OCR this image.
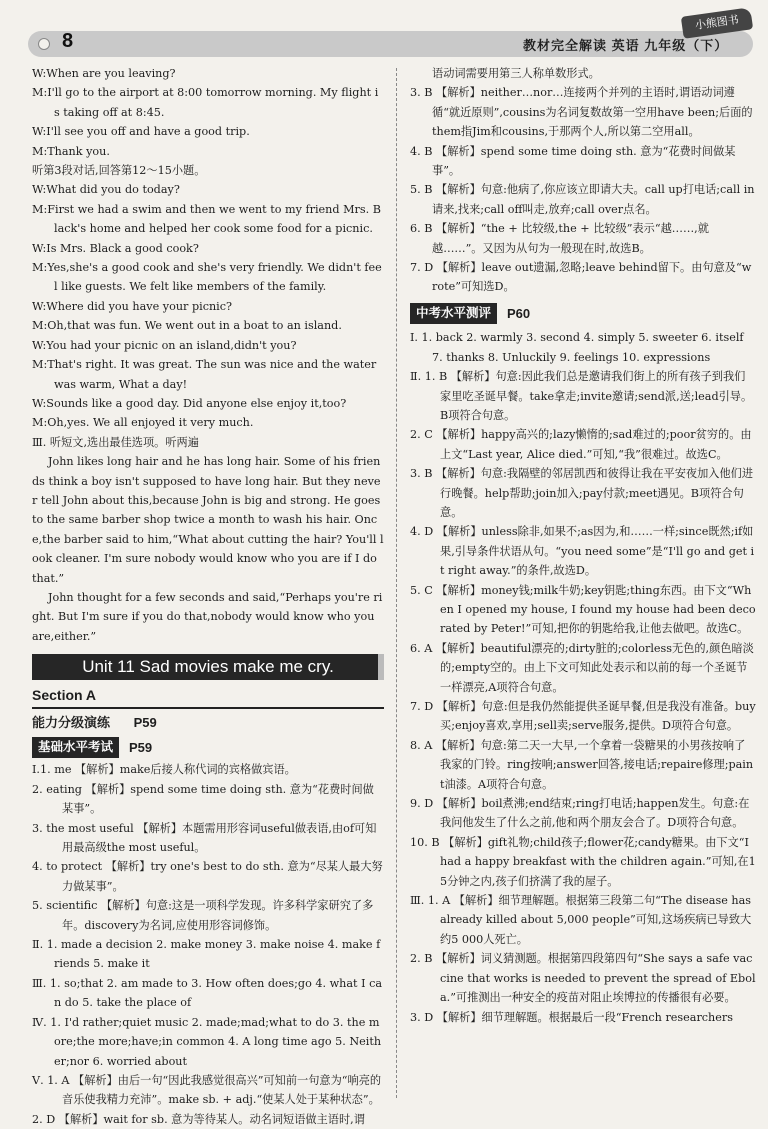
8	教材完全解读 英语 九年级（下）
小熊图书
W:When are you leaving?
M:I'll go to the airport at 8:00 tomorrow morning. My flight is taking off at 8:45.
W:I'll see you off and have a good trip.
M:Thank you.
听第3段对话,回答第12～15小题。
W:What did you do today?
M:First we had a swim and then we went to my friend Mrs. Black's home and helped her cook some food for a picnic.
W:Is Mrs. Black a good cook?
M:Yes,she's a good cook and she's very friendly. We didn't feel like guests. We felt like members of the family.
W:Where did you have your picnic?
M:Oh,that was fun. We went out in a boat to an island.
W:You had your picnic on an island,didn't you?
M:That's right. It was great. The sun was nice and the water was warm, What a day!
W:Sounds like a good day. Did anyone else enjoy it,too?
M:Oh,yes. We all enjoyed it very much.
Ⅲ. 听短文,选出最佳选项。听两遍
John likes long hair and he has long hair. Some of his friends think a boy isn't supposed to have long hair. But they never tell John about this,because John is big and strong. He goes to the same barber shop twice a month to wash his hair. Once,the barber said to him,“What about cutting the hair? You'll look cleaner. I'm sure nobody would know who you are if I do that.”
John thought for a few seconds and said,“Perhaps you're right. But I'm sure if you do that,nobody would know who you are,either.”
Unit 11 Sad movies make me cry.
Section A
能力分级演练 P59
基础水平考试	P59
Ⅰ.1. me 【解析】make后接人称代词的宾格做宾语。
2. eating 【解析】spend some time doing sth. 意为“花费时间做某事”。
3. the most useful 【解析】本题需用形容词useful做表语,由of可知用最高级the most useful。
4. to protect 【解析】try one's best to do sth. 意为“尽某人最大努力做某事”。
5. scientific 【解析】句意:这是一项科学发现。许多科学家研究了多年。discovery为名词,应使用形容词修饰。
Ⅱ. 1. made a decision 2. make money 3. make noise 4. make friends 5. make it
Ⅲ. 1. so;that 2. am made to 3. How often does;go 4. what I can do 5. take the place of
Ⅳ. 1. I'd rather;quiet music 2. made;mad;what to do 3. the more;the more;have;in common 4. A long time ago 5. Neither;nor 6. worried about
Ⅴ. 1. A 【解析】由后一句“因此我感觉很高兴”可知前一句意为“响亮的音乐使我精力充沛”。make sb. + adj.“使某人处于某种状态”。
2. D 【解析】wait for sb. 意为等待某人。动名词短语做主语时,谓
语动词需要用第三人称单数形式。
3. B 【解析】neither…nor…连接两个并列的主语时,谓语动词遵循“就近原则”,cousins为名词复数故第一空用have been;后面的them指Jim和cousins,于那两个人,所以第二空用all。
4. B 【解析】spend some time doing sth. 意为“花费时间做某事”。
5. B 【解析】句意:他病了,你应该立即请大夫。call up打电话;call in请来,找来;call off叫走,放弃;call over点名。
6. B 【解析】“the + 比较级,the + 比较级”表示“越……,就越……”。又因为从句为一般现在时,故选B。
7. D 【解析】leave out遗漏,忽略;leave behind留下。由句意及“wrote”可知选D。
中考水平测评	P60
Ⅰ. 1. back 2. warmly 3. second 4. simply 5. sweeter 6. itself 7. thanks 8. Unluckily 9. feelings 10. expressions
Ⅱ. 1. B 【解析】句意:因此我们总是邀请我们街上的所有孩子到我们家里吃圣诞早餐。take拿走;invite邀请;send派,送;lead引导。B项符合句意。
2. C 【解析】happy高兴的;lazy懒惰的;sad难过的;poor贫穷的。由上文“Last year, Alice died.”可知,“我”很难过。故选C。
3. B 【解析】句意:我隔壁的邻居凯西和彼得让我在平安夜加入他们进行晚餐。help帮助;join加入;pay付款;meet遇见。B项符合句意。
4. D 【解析】unless除非,如果不;as因为,和……一样;since既然;if如果,引导条件状语从句。“you need some”是“I'll go and get it right away.”的条件,故选D。
5. C 【解析】money钱;milk牛奶;key钥匙;thing东西。由下文“When I opened my house, I found my house had been decorated by Peter!”可知,把你的钥匙给我,让他去做吧。故选C。
6. A 【解析】beautiful漂亮的;dirty脏的;colorless无色的,颜色暗淡的;empty空的。由上下文可知此处表示和以前的每一个圣诞节一样漂亮,A项符合句意。
7. D 【解析】句意:但是我仍然能提供圣诞早餐,但是我没有准备。buy买;enjoy喜欢,享用;sell卖;serve服务,提供。D项符合句意。
8. A 【解析】句意:第二天一大早,一个拿着一袋糖果的小男孩按响了我家的门铃。ring按响;answer回答,接电话;repaire修理;paint油漆。A项符合句意。
9. D 【解析】boil煮沸;end结束;ring打电话;happen发生。句意:在我问他发生了什么之前,他和两个朋友会合了。D项符合句意。
10. B 【解析】gift礼物;child孩子;flower花;candy糖果。由下文“I had a happy breakfast with the children again.”可知,在15分钟之内,孩子们挤满了我的屋子。
Ⅲ. 1. A 【解析】细节理解题。根据第三段第二句“The disease has already killed about 5,000 people”可知,这场疾病已导致大约5 000人死亡。
2. B 【解析】词义猜测题。根据第四段第四句“She says a safe vaccine that works is needed to prevent the spread of Ebola.”可推测出一种安全的疫苗对阻止埃博拉的传播很有必要。
3. D 【解析】细节理解题。根据最后一段“French researchers
